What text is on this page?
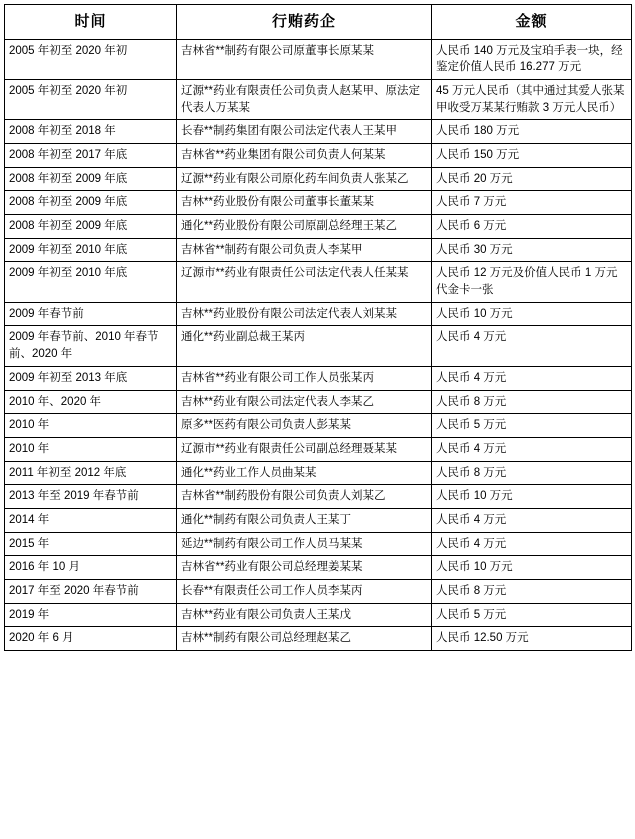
时间	行贿药企	金额
2005 年初至 2020 年初	吉林省**制药有限公司原董事长原某某	人民币 140 万元及宝珀手表一块，经鉴定价值人民币 16.277 万元
2005 年初至 2020 年初	辽源**药业有限责任公司负责人赵某甲、原法定代表人万某某	45 万元人民币（其中通过其爱人张某甲收受万某某行贿款 3 万元人民币）
2008 年初至 2018 年	长春**制药集团有限公司法定代表人王某甲	人民币 180 万元
2008 年初至 2017 年底	吉林省**药业集团有限公司负责人何某某	人民币 150 万元
2008 年初至 2009 年底	辽源**药业有限公司原化药车间负责人张某乙	人民币 20 万元
2008 年初至 2009 年底	吉林**药业股份有限公司董事长董某某	人民币 7 万元
2008 年初至 2009 年底	通化**药业股份有限公司原副总经理王某乙	人民币 6 万元
2009 年初至 2010 年底	吉林省**制药有限公司负责人李某甲	人民币 30 万元
2009 年初至 2010 年底	辽源市**药业有限责任公司法定代表人任某某	人民币 12 万元及价值人民币 1 万元代金卡一张
2009 年春节前	吉林**药业股份有限公司法定代表人刘某某	人民币 10 万元
2009 年春节前、2010 年春节前、2020 年	通化**药业副总裁王某丙	人民币 4 万元
2009 年初至 2013 年底	吉林省**药业有限公司工作人员张某丙	人民币 4 万元
2010 年、2020 年	吉林**药业有限公司法定代表人李某乙	人民币 8 万元
2010 年	原多**医药有限公司负责人彭某某	人民币 5 万元
2010 年	辽源市**药业有限责任公司副总经理聂某某	人民币 4 万元
2011 年初至 2012 年底	通化**药业工作人员曲某某	人民币 8 万元
2013 年至 2019 年春节前	吉林省**制药股份有限公司负责人刘某乙	人民币 10 万元
2014 年	通化**制药有限公司负责人王某丁	人民币 4 万元
2015 年	延边**制药有限公司工作人员马某某	人民币 4 万元
2016 年 10 月	吉林省**药业有限公司总经理姜某某	人民币 10 万元
2017 年至 2020 年春节前	长春**有限责任公司工作人员李某丙	人民币 8 万元
2019 年	吉林**药业有限公司负责人王某戊	人民币 5 万元
2020 年 6 月	吉林**制药有限公司总经理赵某乙	人民币 12.50 万元
